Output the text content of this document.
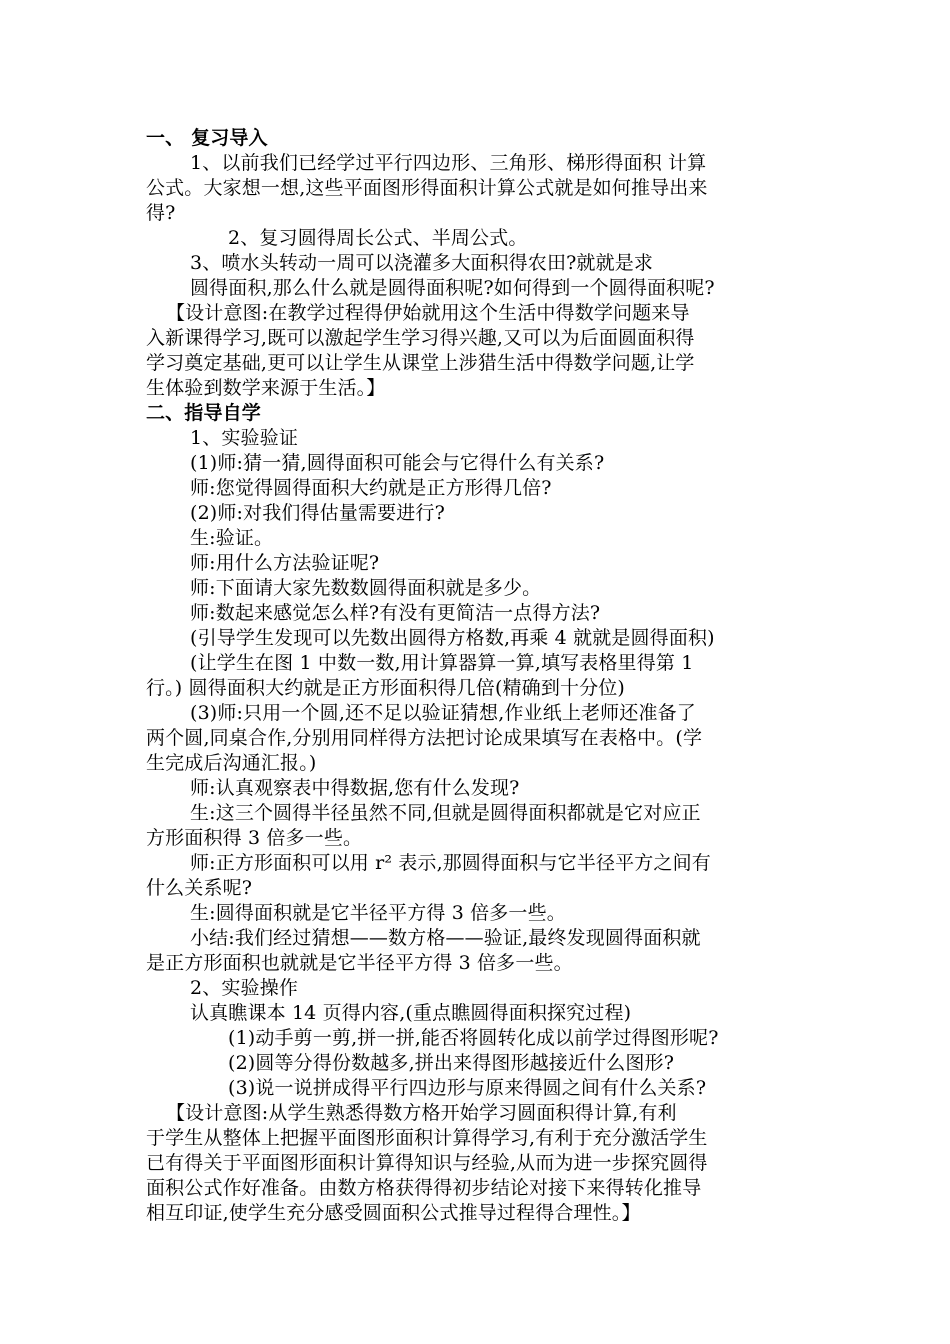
一、 复习导入
1、以前我们已经学过平行四边形、三角形、梯形得面积 计算
公式。大家想一想,这些平面图形得面积计算公式就是如何推导出来
得?
2、复习圆得周长公式、半周公式。
3、喷水头转动一周可以浇灌多大面积得农田?就就是求
圆得面积,那么什么就是圆得面积呢?如何得到一个圆得面积呢?
【设计意图:在教学过程得伊始就用这个生活中得数学问题来导
入新课得学习,既可以激起学生学习得兴趣,又可以为后面圆面积得
学习奠定基础,更可以让学生从课堂上涉猎生活中得数学问题,让学
生体验到数学来源于生活。】
二、指导自学
1、实验验证
(1)师:猜一猜,圆得面积可能会与它得什么有关系?
师:您觉得圆得面积大约就是正方形得几倍?
(2)师:对我们得估量需要进行?
生:验证。
师:用什么方法验证呢?
师:下面请大家先数数圆得面积就是多少。
师:数起来感觉怎么样?有没有更简洁一点得方法?
(引导学生发现可以先数出圆得方格数,再乘 4 就就是圆得面积)
(让学生在图 1 中数一数,用计算器算一算,填写表格里得第 1
行。) 圆得面积大约就是正方形面积得几倍(精确到十分位)
(3)师:只用一个圆,还不足以验证猜想,作业纸上老师还准备了
两个圆,同桌合作,分别用同样得方法把讨论成果填写在表格中。(学
生完成后沟通汇报。)
师:认真观察表中得数据,您有什么发现?
生:这三个圆得半径虽然不同,但就是圆得面积都就是它对应正
方形面积得 3 倍多一些。
师:正方形面积可以用 r² 表示,那圆得面积与它半径平方之间有
什么关系呢?
生:圆得面积就是它半径平方得 3 倍多一些。
小结:我们经过猜想——数方格——验证,最终发现圆得面积就
是正方形面积也就就是它半径平方得 3 倍多一些。
2、实验操作
认真瞧课本 14 页得内容,(重点瞧圆得面积探究过程)
(1)动手剪一剪,拼一拼,能否将圆转化成以前学过得图形呢?
(2)圆等分得份数越多,拼出来得图形越接近什么图形?
(3)说一说拼成得平行四边形与原来得圆之间有什么关系?
【设计意图:从学生熟悉得数方格开始学习圆面积得计算,有利
于学生从整体上把握平面图形面积计算得学习,有利于充分激活学生
已有得关于平面图形面积计算得知识与经验,从而为进一步探究圆得
面积公式作好准备。由数方格获得得初步结论对接下来得转化推导
相互印证,使学生充分感受圆面积公式推导过程得合理性。】
